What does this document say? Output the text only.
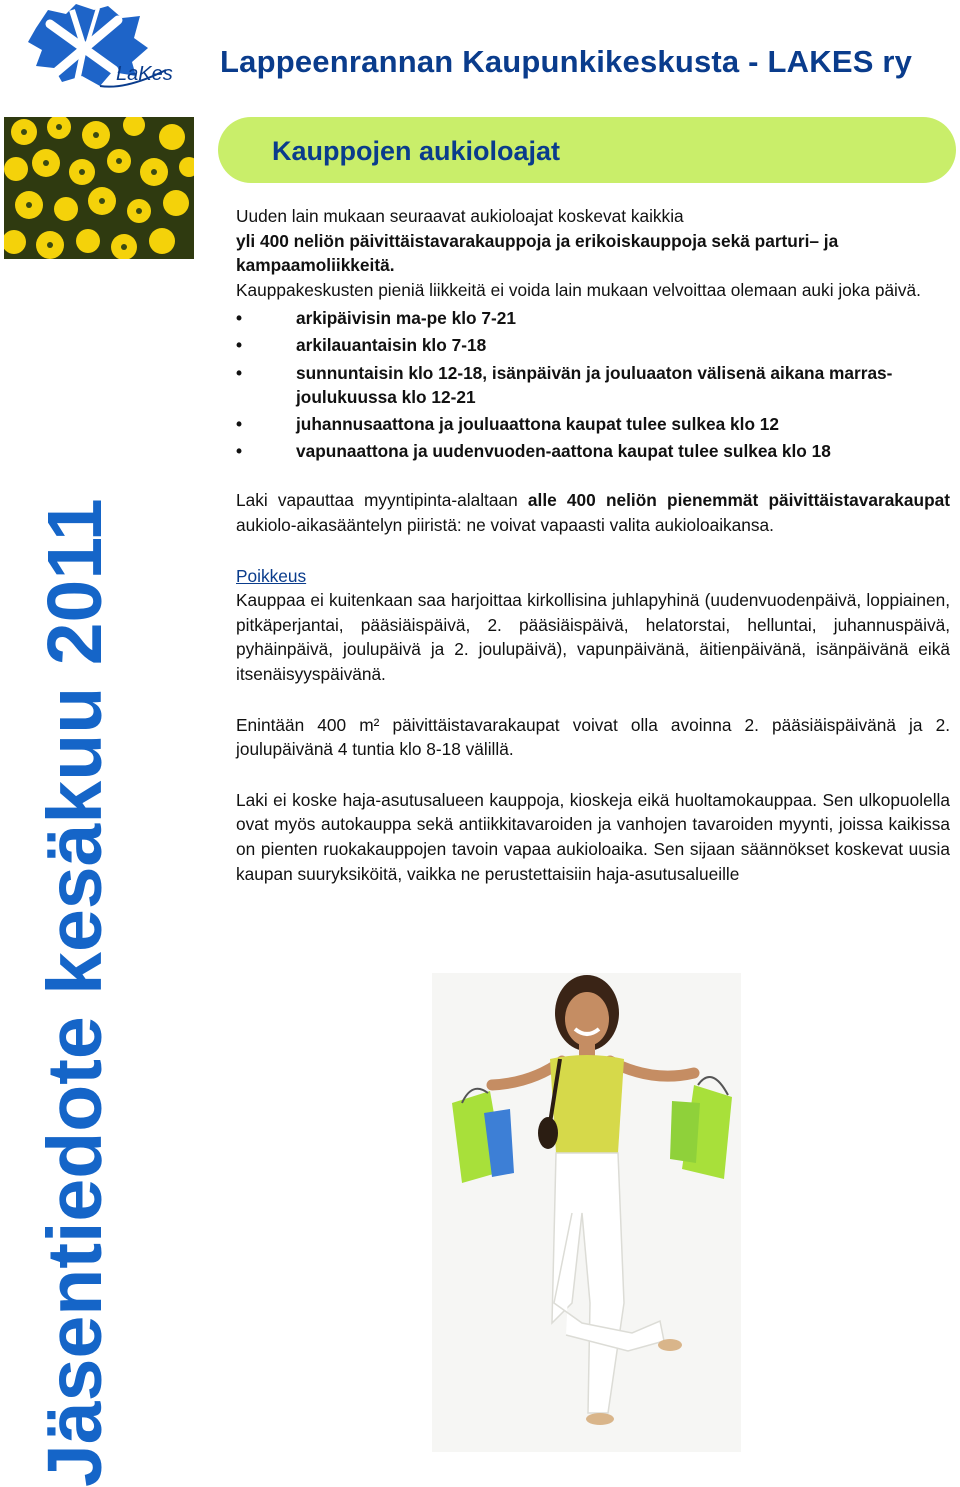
LaKes Lappeenrannan Kaupunkikeskusta - LAKES ry
Kauppojen aukioloajat
Jäsentiedote kesäkuu 2011

Uuden lain mukaan seuraavat aukioloajat koskevat kaikkia

yli 400 neliön päivittäistavarakauppoja ja erikoiskauppoja sekä parturi– ja kampaamoliikkeitä.

Kauppakeskusten pieniä liikkeitä ei voida lain mukaan velvoittaa olemaan auki joka päivä.

• arkipäivisin ma-pe klo 7-21
• arkilauantaisin klo 7-18
• sunnuntaisin klo 12-18, isänpäivän ja jouluaaton välisenä aikana marras-joulukuussa klo 12-21
• juhannusaattona ja jouluaattona kaupat tulee sulkea klo 12
• vapunaattona ja uudenvuoden-aattona kaupat tulee sulkea klo 18

Laki vapauttaa myyntipinta-alaltaan alle 400 neliön pienemmät päivittäistavarakaupat aukiolo-aikasääntelyn piiristä: ne voivat vapaasti valita aukioloaikansa.

Poikkeus

Kauppaa ei kuitenkaan saa harjoittaa kirkollisina juhlapyhinä (uudenvuodenpäivä, loppiainen, pitkäperjantai, pääsiäispäivä, 2. pääsiäispäivä, helatorstai, helluntai, juhannuspäivä, pyhäinpäivä, joulupäivä ja 2. joulupäivä), vapunpäivänä, äitienpäivänä, isänpäivänä eikä itsenäisyyspäivänä.

Enintään 400 m² päivittäistavarakaupat voivat olla avoinna 2. pääsiäispäivänä ja 2. joulupäivänä 4 tuntia klo 8-18 välillä.

Laki ei koske haja-asutusalueen kauppoja, kioskeja eikä huoltamokauppaa. Sen ulkopuolella ovat myös autokauppa sekä antiikkitavaroiden ja vanhojen tavaroiden myynti, joissa kaikissa on pienten ruokakauppojen tavoin vapaa aukioloaika. Sen sijaan säännökset koskevat uusia kaupan suuryksiköitä, vaikka ne perustettaisiin haja-asutusalueille
